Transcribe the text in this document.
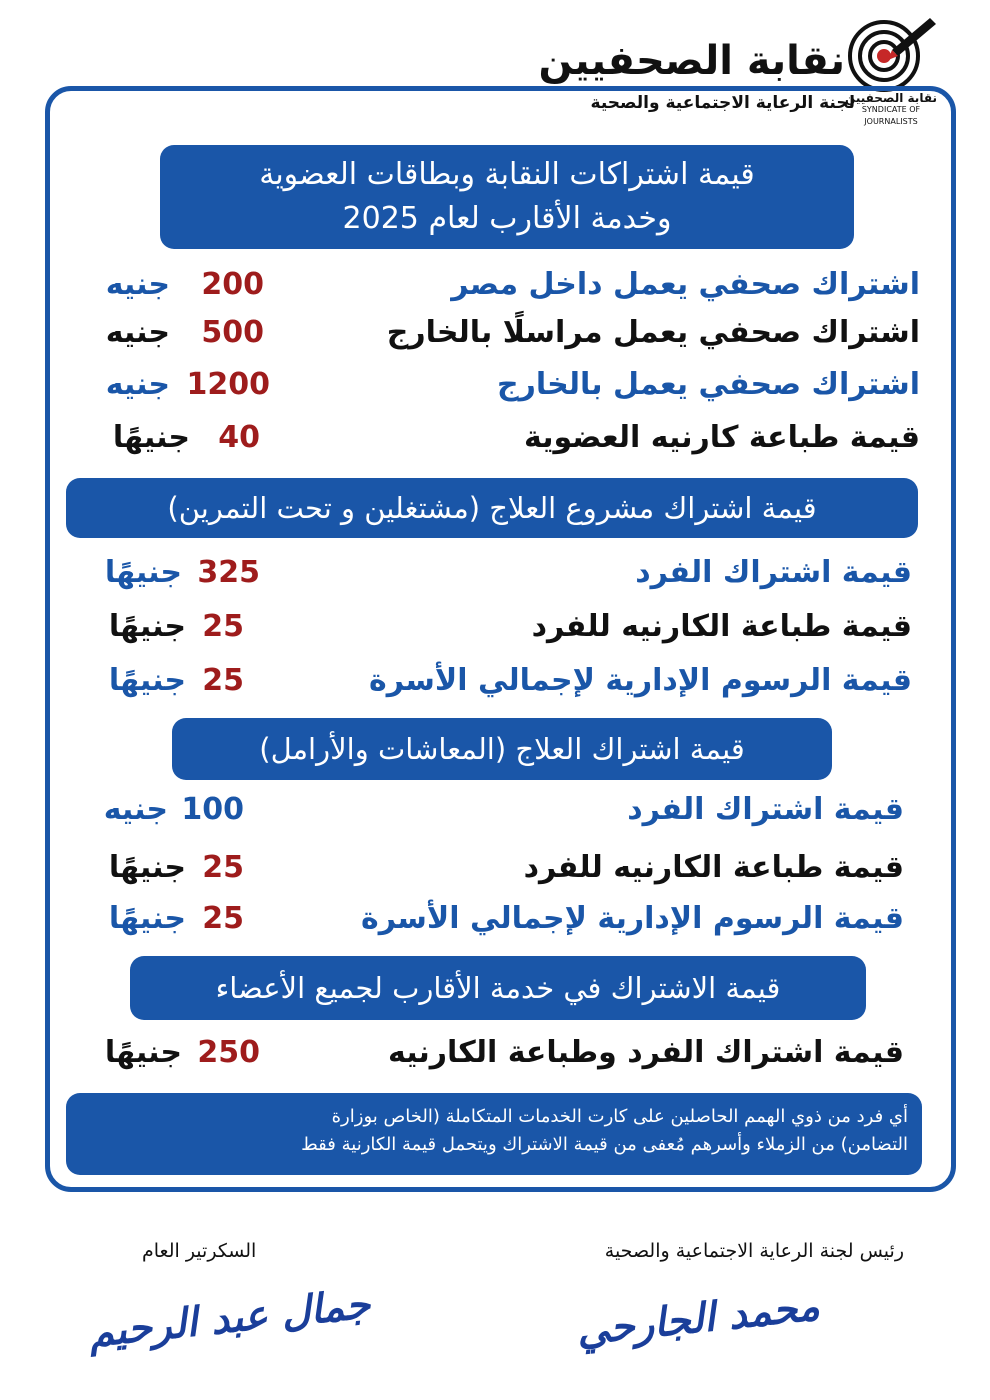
نقابة الصحفيين
لجنة الرعاية الاجتماعية والصحية
نقابة الصحفيين
SYNDICATE OF JOURNALISTS
قيمة اشتراكات النقابة وبطاقات العضوية
وخدمة الأقارب لعام 2025
اشتراك صحفي يعمل داخل مصر
200
جنيه
اشتراك صحفي يعمل مراسلًا بالخارج
500
جنيه
اشتراك صحفي يعمل بالخارج
1200
جنيه
قيمة طباعة كارنيه العضوية
40
جنيهًا
قيمة اشتراك مشروع العلاج (مشتغلين و تحت التمرين)
قيمة اشتراك الفرد
325
جنيهًا
قيمة طباعة الكارنيه للفرد
25
جنيهًا
قيمة الرسوم الإدارية لإجمالي الأسرة
25
جنيهًا
قيمة اشتراك العلاج (المعاشات والأرامل)
قيمة اشتراك الفرد
100
جنيه
قيمة طباعة الكارنيه للفرد
25
جنيهًا
قيمة الرسوم الإدارية لإجمالي الأسرة
25
جنيهًا
قيمة الاشتراك في خدمة الأقارب لجميع الأعضاء
قيمة اشتراك الفرد وطباعة الكارنيه
250
جنيهًا
أي فرد من ذوي الهمم الحاصلين على كارت الخدمات المتكاملة (الخاص بوزارة
التضامن) من الزملاء وأسرهم مُعفى من قيمة الاشتراك ويتحمل قيمة الكارنية فقط
رئيس لجنة الرعاية الاجتماعية والصحية
السكرتير العام
محمد الجارحي
جمال عبد الرحيم
